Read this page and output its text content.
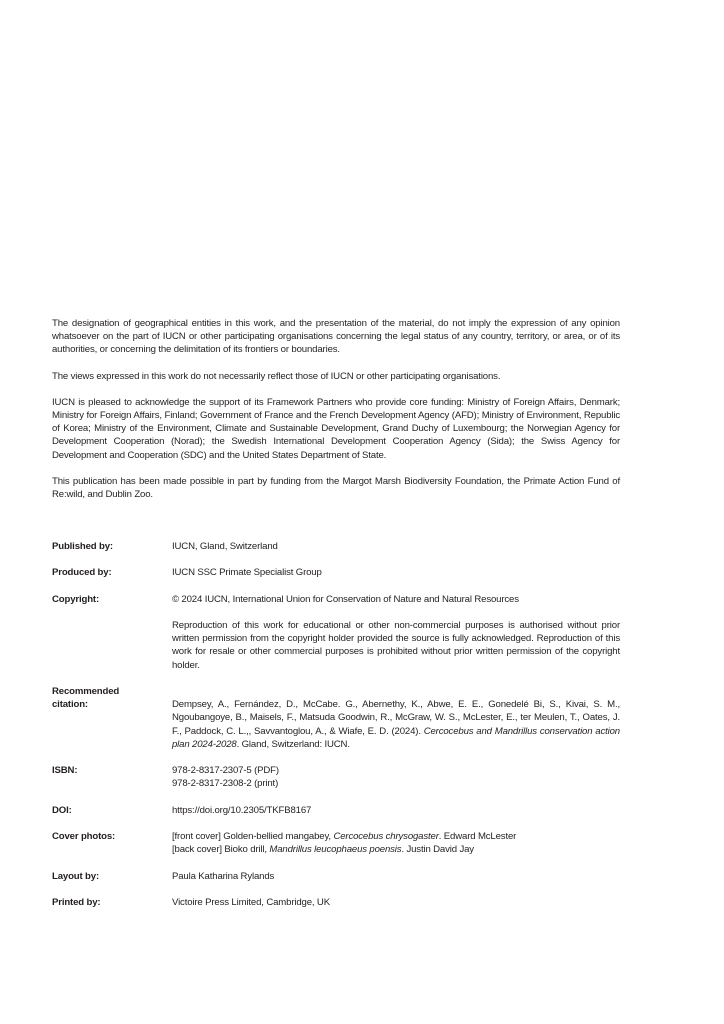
The designation of geographical entities in this work, and the presentation of the material, do not imply the expression of any opinion whatsoever on the part of IUCN or other participating organisations concerning the legal status of any country, territory, or area, or of its authorities, or concerning the delimitation of its frontiers or boundaries.

The views expressed in this work do not necessarily reflect those of IUCN or other participating organisations.

IUCN is pleased to acknowledge the support of its Framework Partners who provide core funding: Ministry of Foreign Affairs, Denmark; Ministry for Foreign Affairs, Finland; Government of France and the French Development Agency (AFD); Ministry of Environment, Republic of Korea; Ministry of the Environment, Climate and Sustainable Development, Grand Duchy of Luxembourg; the Norwegian Agency for Development Cooperation (Norad); the Swedish International Development Cooperation Agency (Sida); the Swiss Agency for Development and Cooperation (SDC) and the United States Department of State.

This publication has been made possible in part by funding from the Margot Marsh Biodiversity Foundation, the Primate Action Fund of Re:wild, and Dublin Zoo.

Published by:	IUCN, Gland, Switzerland
Produced by:	IUCN SSC Primate Specialist Group
Copyright:	© 2024 IUCN, International Union for Conservation of Nature and Natural Resources

Reproduction of this work for educational or other non-commercial purposes is authorised without prior written permission from the copyright holder provided the source is fully acknowledged. Reproduction of this work for resale or other commercial purposes is prohibited without prior written permission of the copyright holder.

Recommended
citation:	Dempsey, A., Fernández, D., McCabe. G., Abernethy, K., Abwe, E. E., Gonedelé Bi, S., Kivai, S. M., Ngoubangoye, B., Maisels, F., Matsuda Goodwin, R., McGraw, W. S., McLester, E., ter Meulen, T., Oates, J. F., Paddock, C. L.,, Savvantoglou, A., & Wiafe, E. D. (2024). Cercocebus and Mandrillus conservation action plan 2024-2028. Gland, Switzerland: IUCN.

ISBN:	978-2-8317-2307-5 (PDF)

978-2-8317-2308-2 (print)

DOI:	https://doi.org/10.2305/TKFB8167
Cover photos:	[front cover] Golden-bellied mangabey, Cercocebus chrysogaster. Edward McLester

[back cover] Bioko drill, Mandrillus leucophaeus poensis. Justin David Jay

Layout by:	Paula Katharina Rylands
Printed by:	Victoire Press Limited, Cambridge, UK
